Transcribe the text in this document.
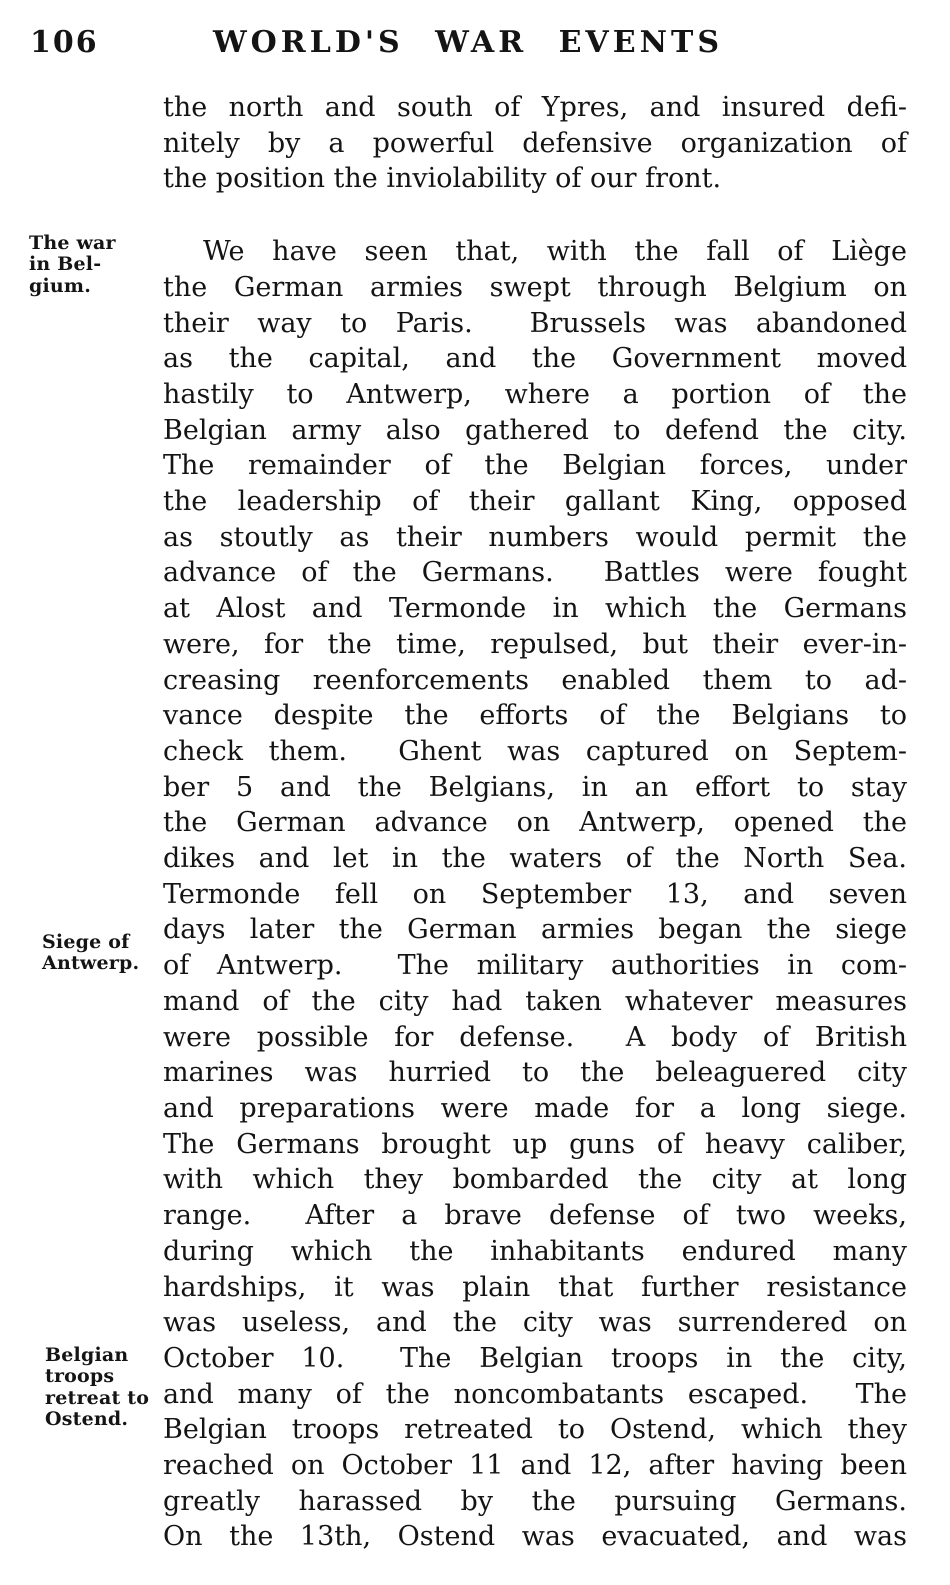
106	WORLD'S WAR EVENTS
The war
in Bel-
gium.
Siege of
Antwerp.
Belgian
troops
retreat to
Ostend.
the north and south of Ypres, and insured defi-
nitely by a powerful defensive organization of
the position the inviolability of our front.
We have seen that, with the fall of Liège
the German armies swept through Belgium on
their way to Paris.  Brussels was abandoned
as the capital, and the Government moved
hastily to Antwerp, where a portion of the
Belgian army also gathered to defend the city.
The remainder of the Belgian forces, under
the leadership of their gallant King, opposed
as stoutly as their numbers would permit the
advance of the Germans.  Battles were fought
at Alost and Termonde in which the Germans
were, for the time, repulsed, but their ever-in-
creasing reenforcements enabled them to ad-
vance despite the efforts of the Belgians to
check them.  Ghent was captured on Septem-
ber 5 and the Belgians, in an effort to stay
the German advance on Antwerp, opened the
dikes and let in the waters of the North Sea.
Termonde fell on September 13, and seven
days later the German armies began the siege
of Antwerp.  The military authorities in com-
mand of the city had taken whatever measures
were possible for defense.  A body of British
marines was hurried to the beleaguered city
and preparations were made for a long siege.
The Germans brought up guns of heavy caliber,
with which they bombarded the city at long
range.  After a brave defense of two weeks,
during which the inhabitants endured many
hardships, it was plain that further resistance
was useless, and the city was surrendered on
October 10.  The Belgian troops in the city,
and many of the noncombatants escaped.  The
Belgian troops retreated to Ostend, which they
reached on October 11 and 12, after having been
greatly harassed by the pursuing Germans.
On the 13th, Ostend was evacuated, and was
